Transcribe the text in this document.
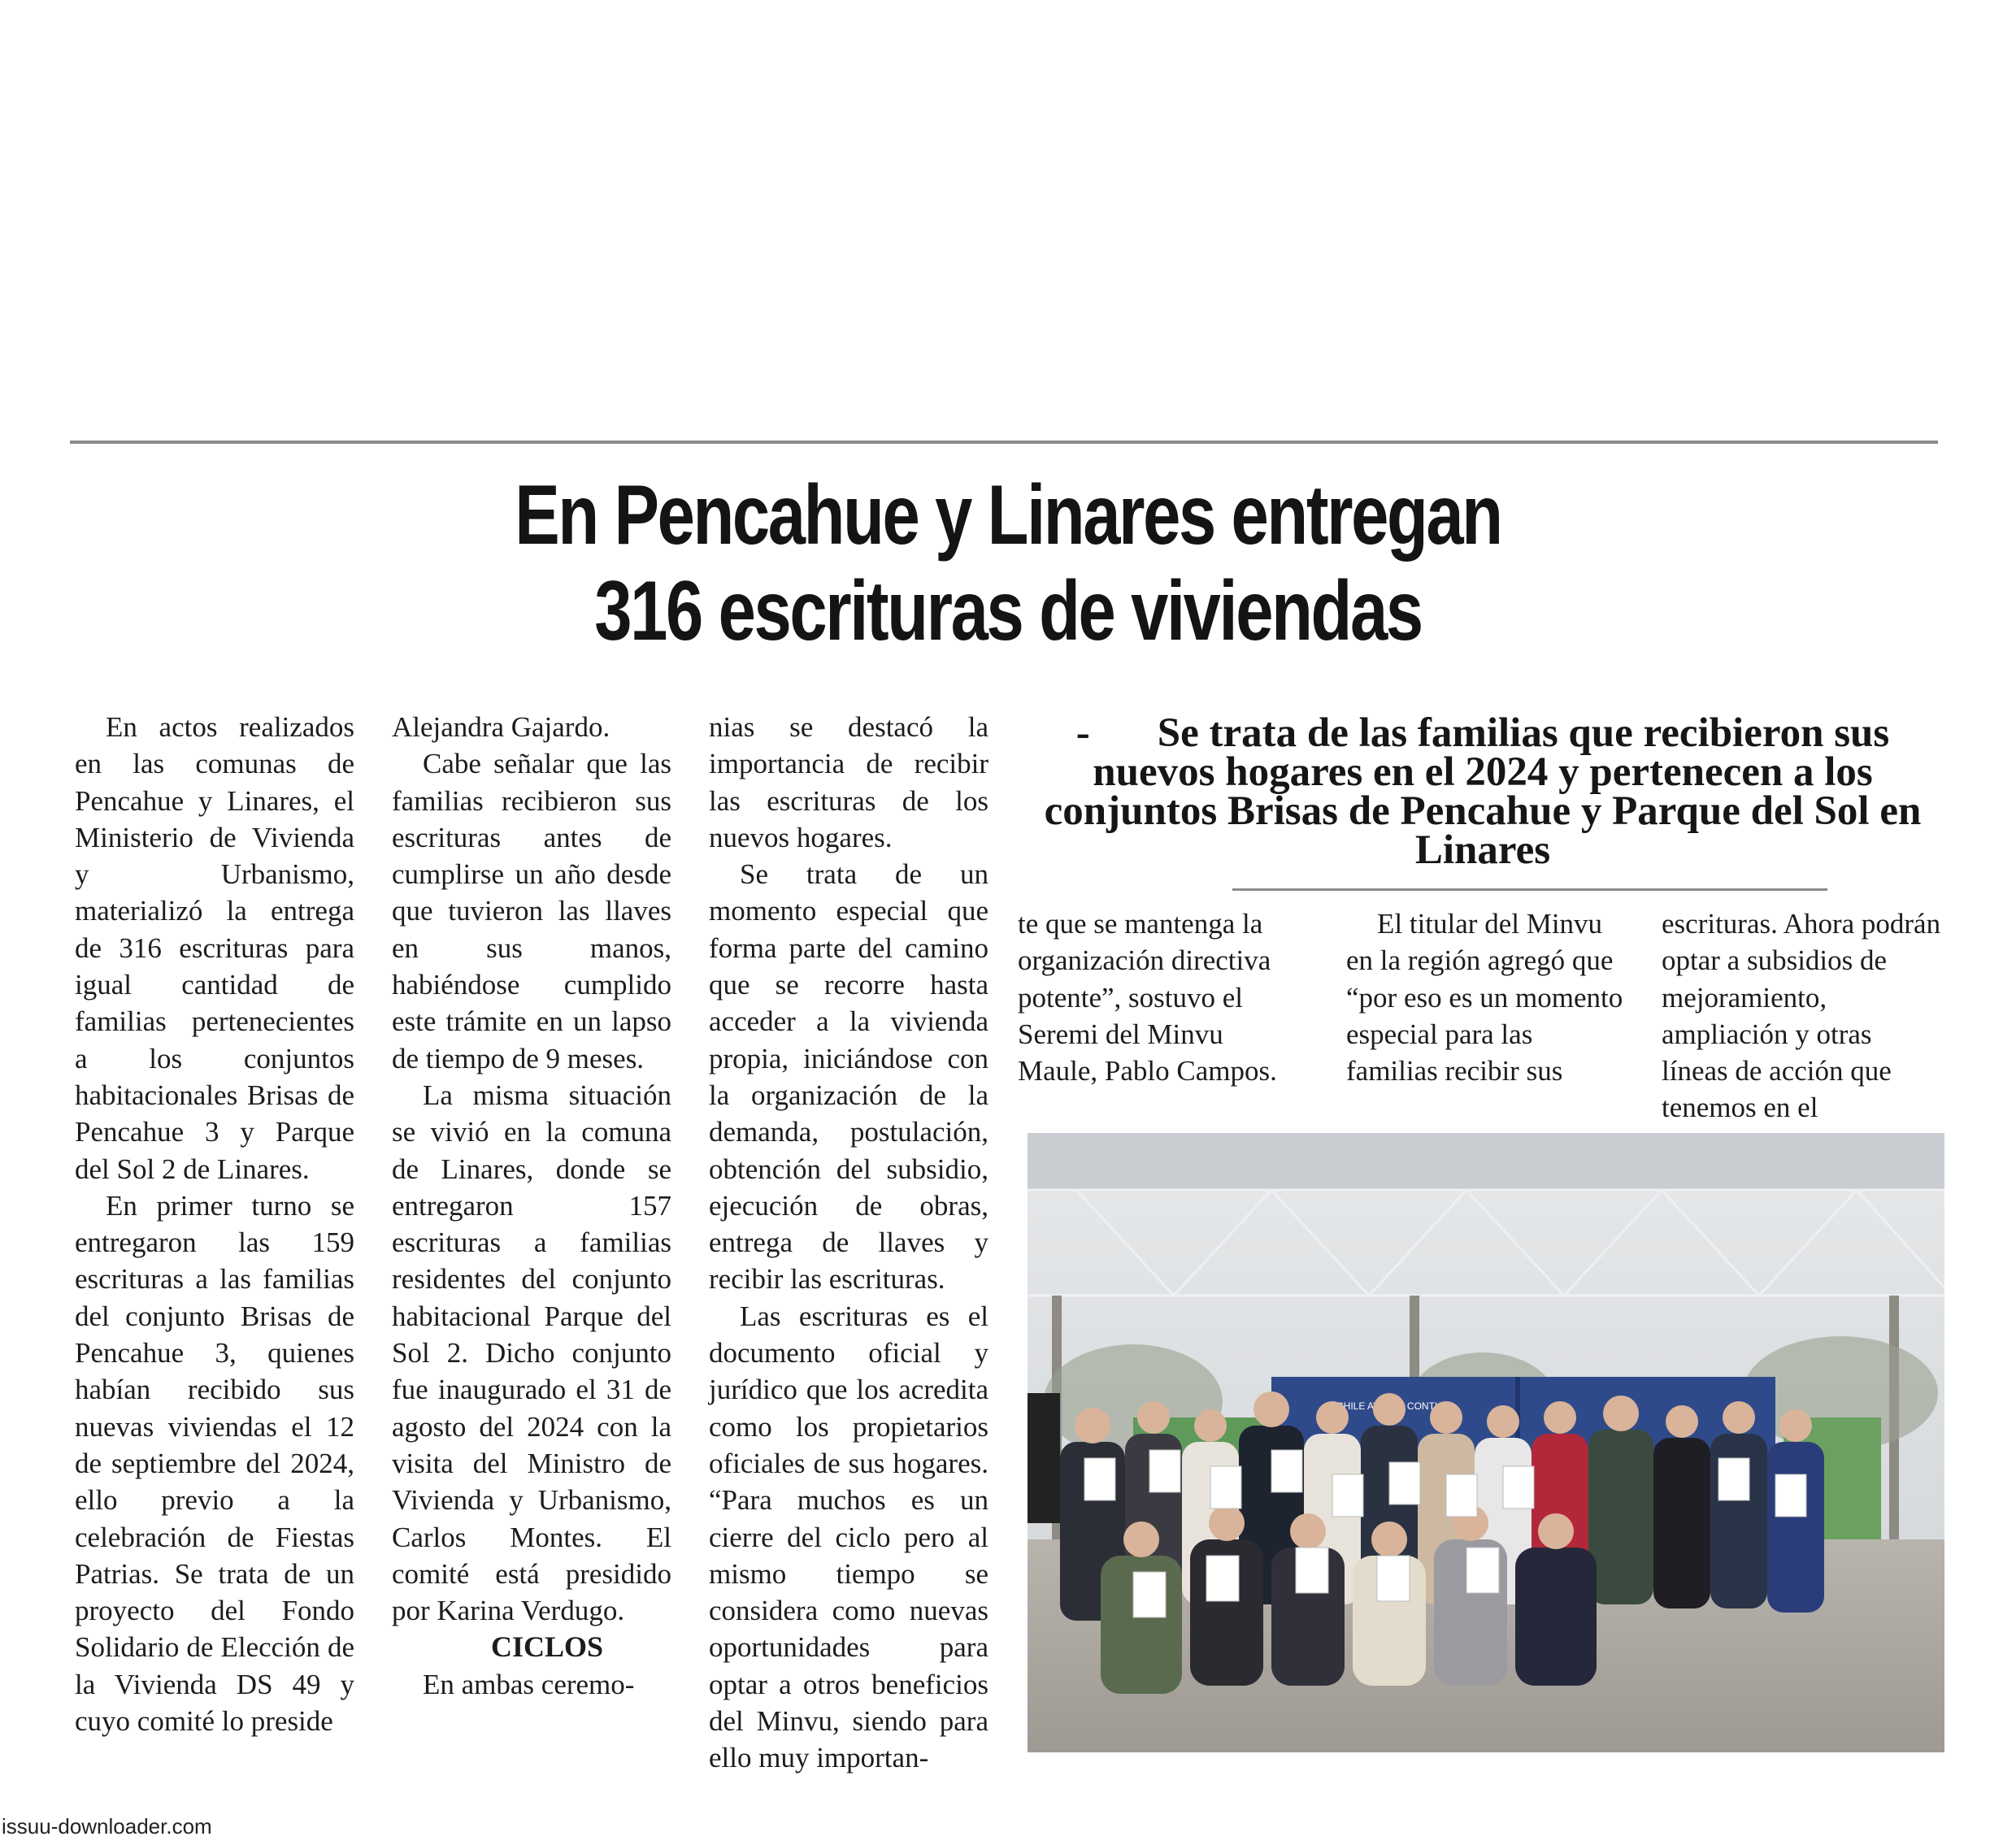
En Pencahue y Linares entregan
316 escrituras de viviendas

En actos realizados en las comunas de Pencahue y Linares, el Ministerio de Vivienda y Urbanismo, materializó la entrega de 316 escrituras para igual cantidad de familias pertenecientes a los conjuntos habitacionales Brisas de Pencahue 3 y Parque del Sol 2 de Linares.

En primer turno se entregaron las 159 escrituras a las familias del conjunto Brisas de Pencahue 3, quienes habían recibido sus nuevas viviendas el 12 de septiembre del 2024, ello previo a la celebración de Fiestas Patrias. Se trata de un proyecto del Fondo Solidario de Elección de la Vivienda DS 49 y cuyo comité lo preside

Alejandra Gajardo.

Cabe señalar que las familias recibieron sus escrituras antes de cumplirse un año desde que tuvieron las llaves en sus manos, habiéndose cumplido este trámite en un lapso de tiempo de 9 meses.

La misma situación se vivió en la comuna de Linares, donde se entregaron 157 escrituras a familias residentes del conjunto habitacional Parque del Sol 2. Dicho conjunto fue inaugurado el 31 de agosto del 2024 con la visita del Ministro de Vivienda y Urbanismo, Carlos Montes. El comité está presidido por Karina Verdugo.

CICLOS

En ambas ceremo-

nias se destacó la importancia de recibir las escrituras de los nuevos hogares.

Se trata de un momento especial que forma parte del camino que se recorre hasta acceder a la vivienda propia, iniciándose con la organización de la demanda, postulación, obtención del subsidio, ejecución de obras, entrega de llaves y recibir las escrituras.

Las escrituras es el documento oficial y jurídico que los acredita como los propietarios oficiales de sus hogares. “Para muchos es un cierre del ciclo pero al mismo tiempo se considera como nuevas oportunidades para optar a otros beneficios del Minvu, siendo para ello muy importan-

- Se trata de las familias que recibieron sus nuevos hogares en el 2024 y pertenecen a los conjuntos Brisas de Pencahue y Parque del Sol en Linares

te que se mantenga la organización directiva potente”, sostuvo el Seremi del Minvu Maule, Pablo Campos.

El titular del Minvu en la región agregó que “por eso es un momento especial para las familias recibir sus

escrituras. Ahora podrán optar a subsidios de mejoramiento, ampliación y otras líneas de acción que tenemos en el

CHILE CONTIGO
issuu-downloader.com
